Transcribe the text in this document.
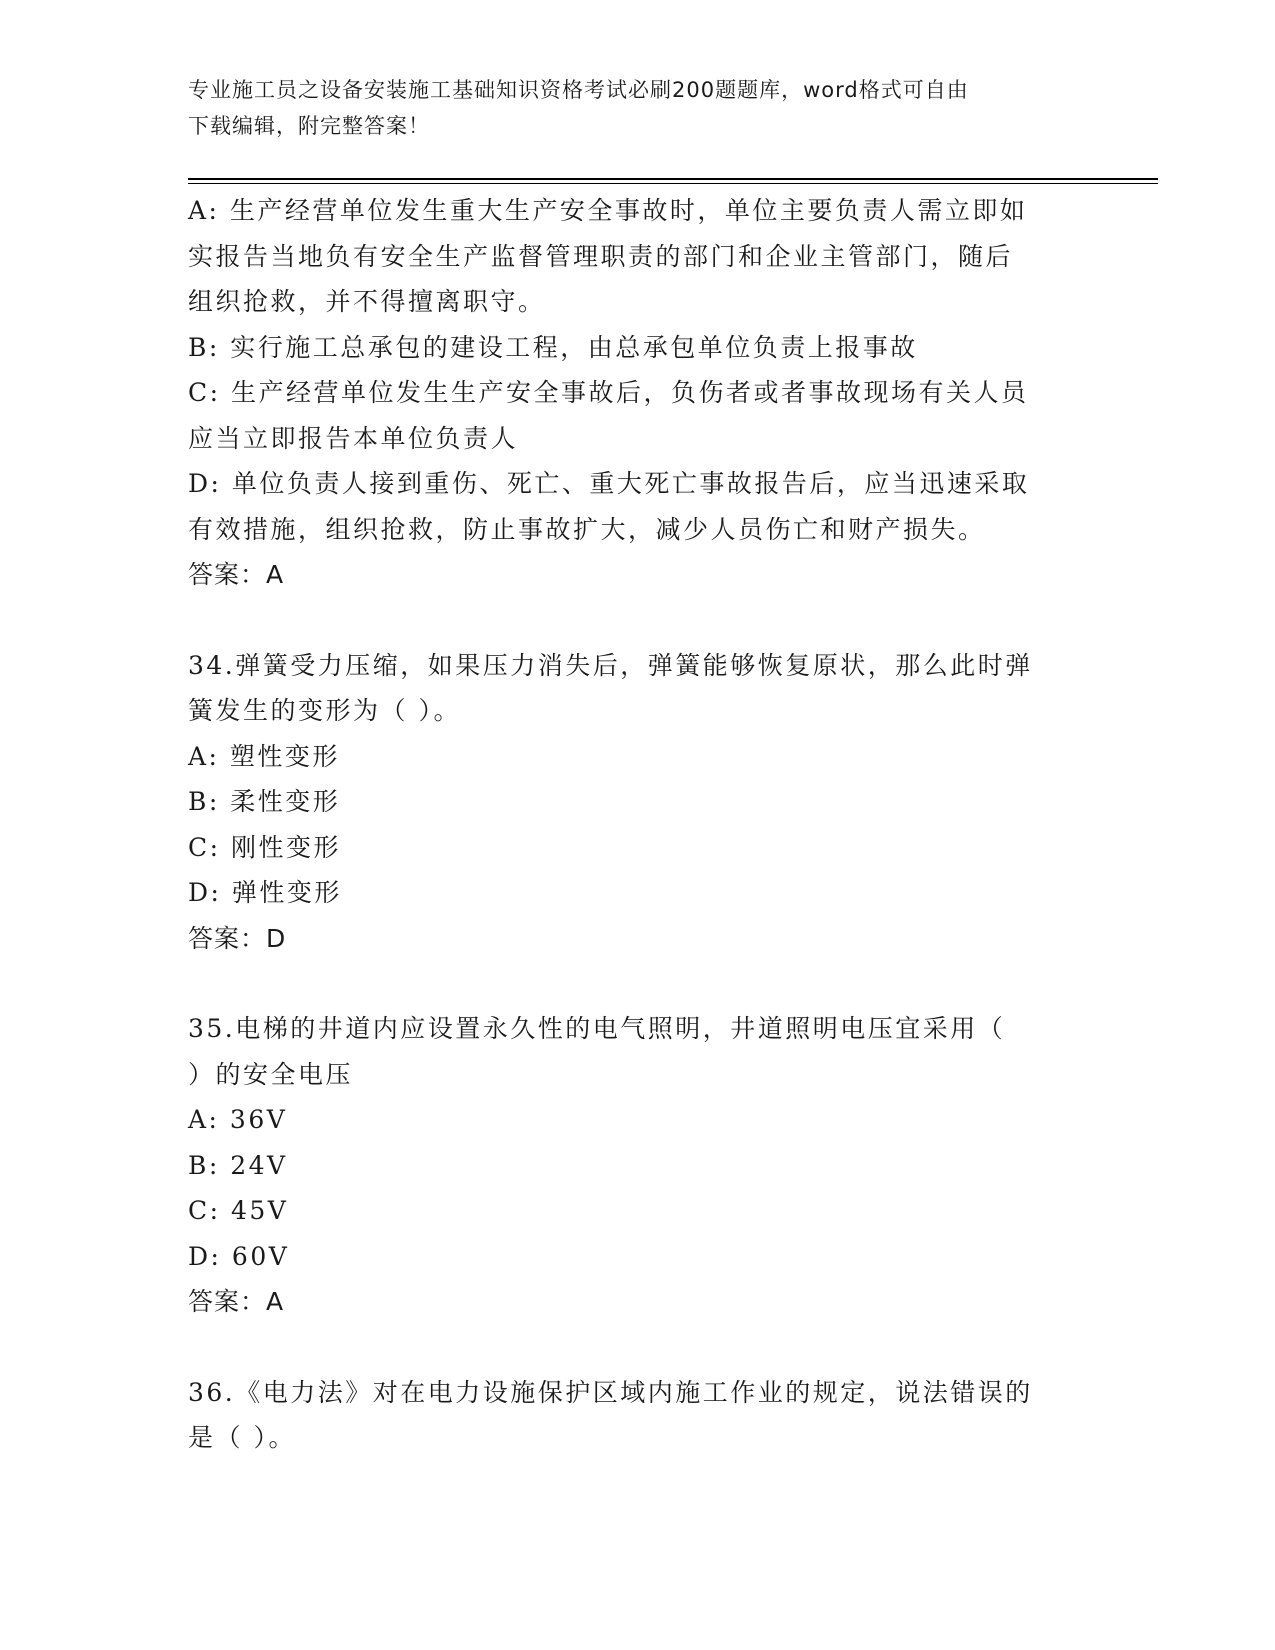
专业施工员之设备安装施工基础知识资格考试必刷200题题库，word格式可自由
下载编辑，附完整答案！
A: 生产经营单位发生重大生产安全事故时，单位主要负责人需立即如
实报告当地负有安全生产监督管理职责的部门和企业主管部门，随后
组织抢救，并不得擅离职守。
B: 实行施工总承包的建设工程，由总承包单位负责上报事故
C: 生产经营单位发生生产安全事故后，负伤者或者事故现场有关人员
应当立即报告本单位负责人
D: 单位负责人接到重伤、死亡、重大死亡事故报告后，应当迅速采取
有效措施，组织抢救，防止事故扩大，减少人员伤亡和财产损失。
答案：A
34.弹簧受力压缩，如果压力消失后，弹簧能够恢复原状，那么此时弹
簧发生的变形为（ ）。
A: 塑性变形
B: 柔性变形
C: 刚性变形
D: 弹性变形
答案：D
35.电梯的井道内应设置永久性的电气照明，井道照明电压宜采用（
）的安全电压
A: 36V
B: 24V
C: 45V
D: 60V
答案：A
36.《电力法》对在电力设施保护区域内施工作业的规定，说法错误的
是（ ）。
